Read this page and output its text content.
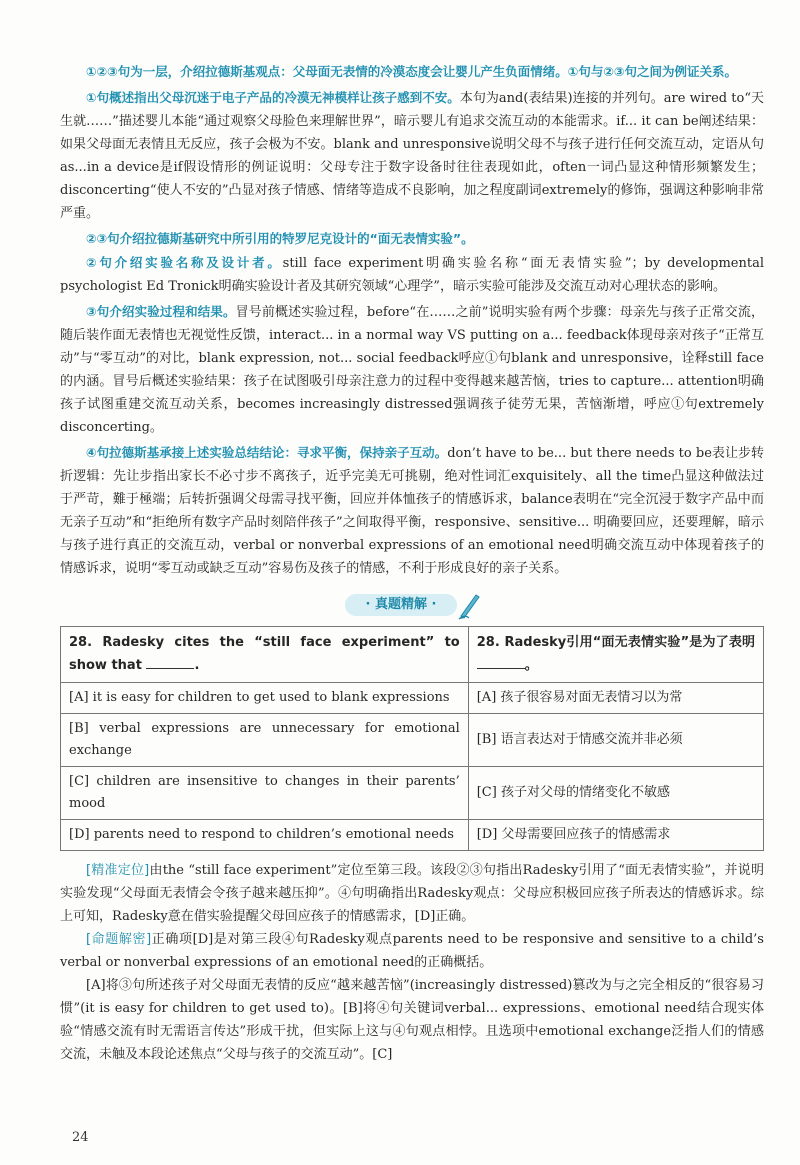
①②③句为一层，介绍拉德斯基观点：父母面无表情的冷漠态度会让婴儿产生负面情绪。①句与②③句之间为例证关系。

①句概述指出父母沉迷于电子产品的冷漠无神模样让孩子感到不安。本句为and(表结果)连接的并列句。are wired to“天生就……”描述婴儿本能“通过观察父母脸色来理解世界”，暗示婴儿有追求交流互动的本能需求。if... it can be阐述结果：如果父母面无表情且无反应，孩子会极为不安。blank and unresponsive说明父母不与孩子进行任何交流互动，定语从句as...in a device是if假设情形的例证说明：父母专注于数字设备时往往表现如此，often一词凸显这种情形频繁发生；disconcerting“使人不安的”凸显对孩子情感、情绪等造成不良影响，加之程度副词extremely的修饰，强调这种影响非常严重。

②③句介绍拉德斯基研究中所引用的特罗尼克设计的“面无表情实验”。

②句介绍实验名称及设计者。still face experiment明确实验名称“面无表情实验”；by developmental psychologist Ed Tronick明确实验设计者及其研究领域“心理学”，暗示实验可能涉及交流互动对心理状态的影响。

③句介绍实验过程和结果。冒号前概述实验过程，before“在……之前”说明实验有两个步骤：母亲先与孩子正常交流，随后装作面无表情也无视觉性反馈，interact... in a normal way VS putting on a... feedback体现母亲对孩子“正常互动”与“零互动”的对比，blank expression, not... social feedback呼应①句blank and unresponsive，诠释still face的内涵。冒号后概述实验结果：孩子在试图吸引母亲注意力的过程中变得越来越苦恼，tries to capture... attention明确孩子试图重建交流互动关系，becomes increasingly distressed强调孩子徒劳无果，苦恼渐增，呼应①句extremely disconcerting。

④句拉德斯基承接上述实验总结结论：寻求平衡，保持亲子互动。don’t have to be... but there needs to be表让步转折逻辑：先让步指出家长不必寸步不离孩子，近乎完美无可挑剔，绝对性词汇exquisitely、all the time凸显这种做法过于严苛，難于極端；后转折强调父母需寻找平衡，回应并体恤孩子的情感诉求，balance表明在“完全沉浸于数字产品中而无亲子互动”和“拒绝所有数字产品时刻陪伴孩子”之间取得平衡，responsive、sensitive... 明确要回应，还要理解，暗示与孩子进行真正的交流互动，verbal or nonverbal expressions of an emotional need明确交流互动中体现着孩子的情感诉求，说明“零互动或缺乏互动”容易伤及孩子的情感，不利于形成良好的亲子关系。

· 真题精解 ·
28. Radesky cites the “still face experiment” to show that .	28. Radesky引用“面无表情实验”是为了表明 。
[A] it is easy for children to get used to blank expressions	[A] 孩子很容易对面无表情习以为常
[B] verbal expressions are unnecessary for emotional exchange	[B] 语言表达对于情感交流并非必须
[C] children are insensitive to changes in their parents’ mood	[C] 孩子对父母的情绪变化不敏感
[D] parents need to respond to children’s emotional needs	[D] 父母需要回应孩子的情感需求

[精准定位]由the “still face experiment”定位至第三段。该段②③句指出Radesky引用了“面无表情实验”，并说明实验发现“父母面无表情会令孩子越来越压抑”。④句明确指出Radesky观点：父母应积极回应孩子所表达的情感诉求。综上可知，Radesky意在借实验提醒父母回应孩子的情感需求，[D]正确。

[命题解密]正确项[D]是对第三段④句Radesky观点parents need to be responsive and sensitive to a child’s verbal or nonverbal expressions of an emotional need的正确概括。

[A]将③句所述孩子对父母面无表情的反应“越来越苦恼”(increasingly distressed)篡改为与之完全相反的“很容易习惯”(it is easy for children to get used to)。[B]将④句关键词verbal... expressions、emotional need结合现实体验“情感交流有时无需语言传达”形成干扰，但实际上这与④句观点相悖。且选项中emotional exchange泛指人们的情感交流，未触及本段论述焦点“父母与孩子的交流互动”。[C]

24
